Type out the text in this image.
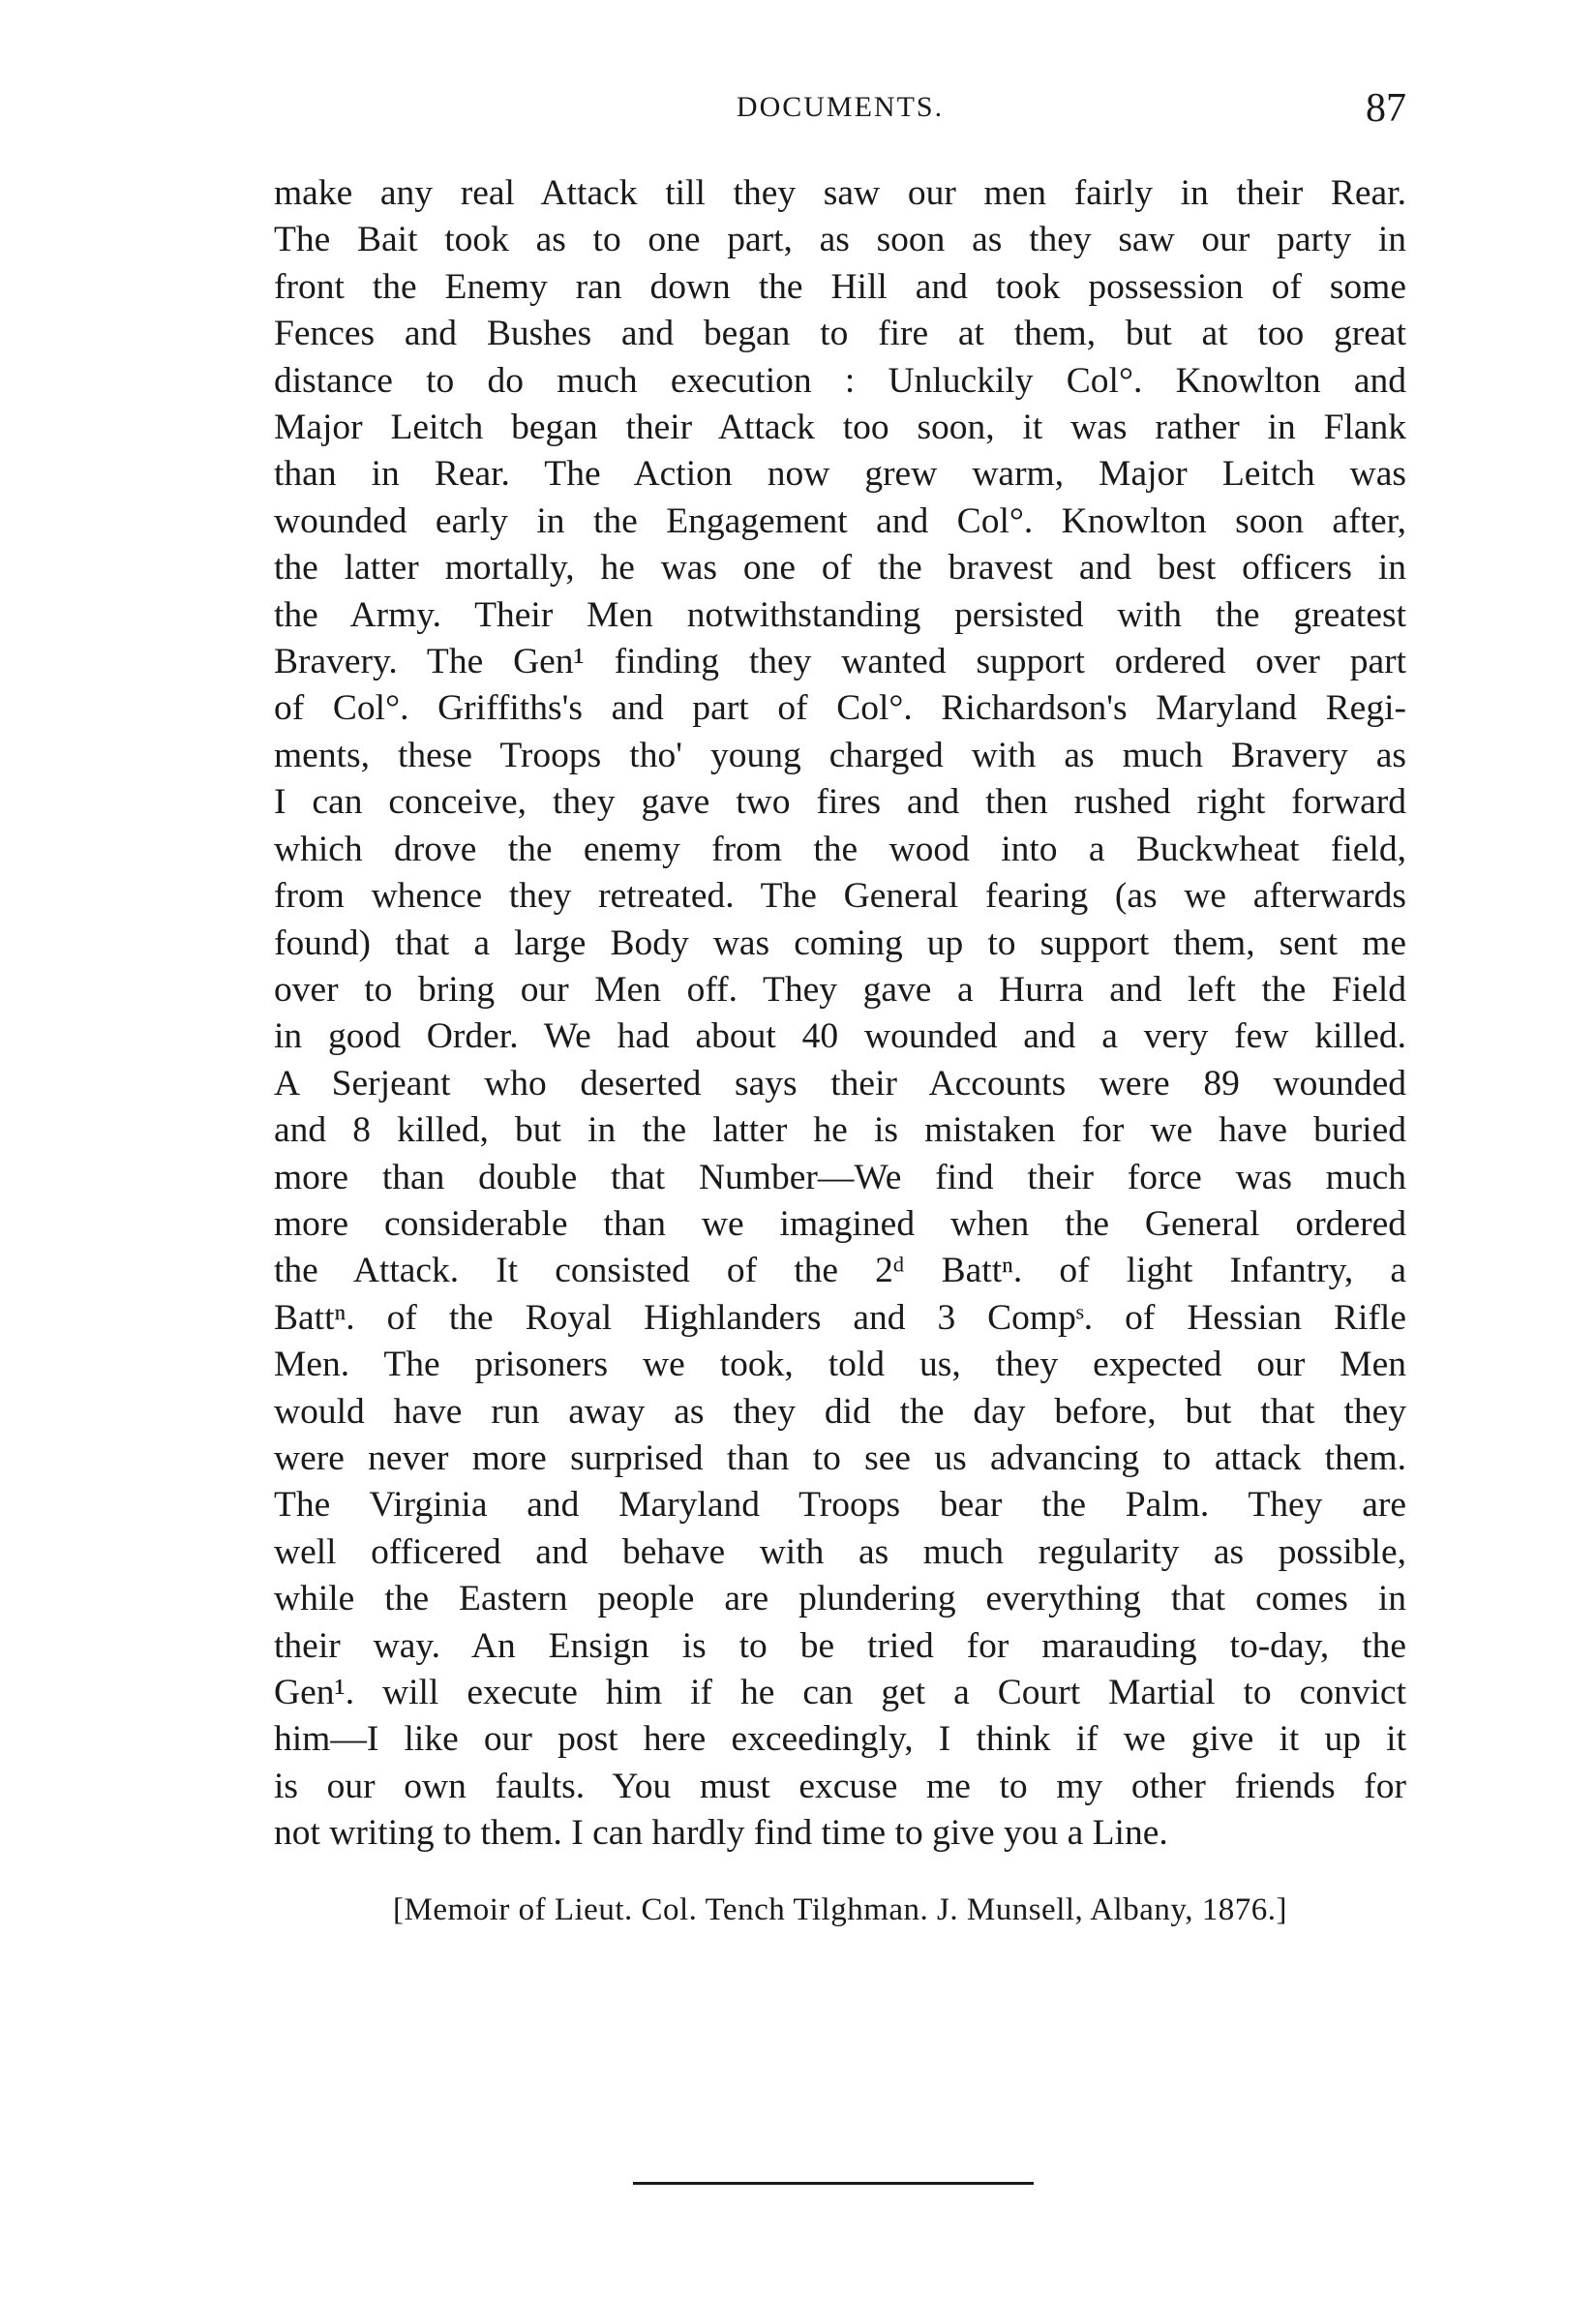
DOCUMENTS.	87
make any real Attack till they saw our men fairly in their Rear.
The Bait took as to one part, as soon as they saw our party in
front the Enemy ran down the Hill and took possession of some
Fences and Bushes and began to fire at them, but at too great
distance to do much execution : Unluckily Col°. Knowlton and
Major Leitch began their Attack too soon, it was rather in Flank
than in Rear. The Action now grew warm, Major Leitch was
wounded early in the Engagement and Col°. Knowlton soon after,
the latter mortally, he was one of the bravest and best officers in
the Army. Their Men notwithstanding persisted with the greatest
Bravery. The Gen¹ finding they wanted support ordered over part
of Col°. Griffiths's and part of Col°. Richardson's Maryland Regi-
ments, these Troops tho' young charged with as much Bravery as
I can conceive, they gave two fires and then rushed right forward
which drove the enemy from the wood into a Buckwheat field,
from whence they retreated. The General fearing (as we afterwards
found) that a large Body was coming up to support them, sent me
over to bring our Men off. They gave a Hurra and left the Field
in good Order. We had about 40 wounded and a very few killed.
A Serjeant who deserted says their Accounts were 89 wounded
and 8 killed, but in the latter he is mistaken for we have buried
more than double that Number—We find their force was much
more considerable than we imagined when the General ordered
the Attack. It consisted of the 2ᵈ Battⁿ. of light Infantry, a
Battⁿ. of the Royal Highlanders and 3 Compˢ. of Hessian Rifle
Men. The prisoners we took, told us, they expected our Men
would have run away as they did the day before, but that they
were never more surprised than to see us advancing to attack them.
The Virginia and Maryland Troops bear the Palm. They are
well officered and behave with as much regularity as possible,
while the Eastern people are plundering everything that comes in
their way. An Ensign is to be tried for marauding to-day, the
Gen¹. will execute him if he can get a Court Martial to convict
him—I like our post here exceedingly, I think if we give it up it
is our own faults. You must excuse me to my other friends for
not writing to them. I can hardly find time to give you a Line.
[Memoir of Lieut. Col. Tench Tilghman. J. Munsell, Albany, 1876.]
